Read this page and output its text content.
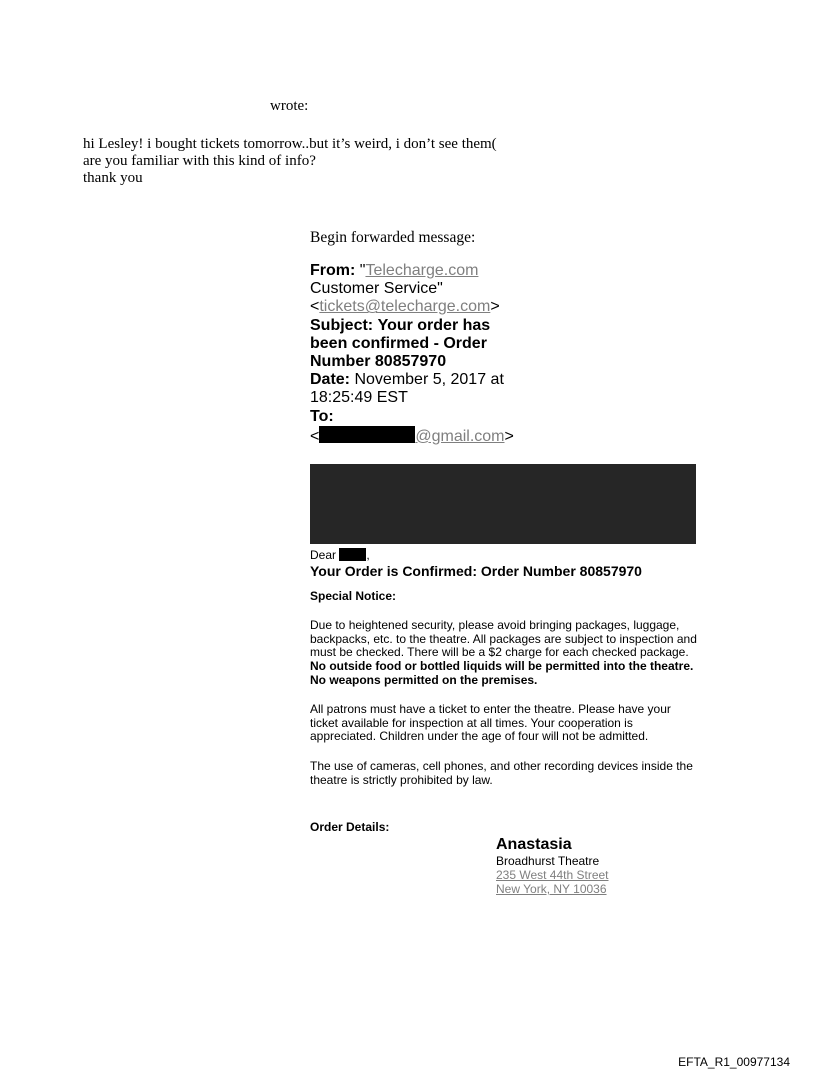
wrote:
hi Lesley! i bought tickets tomorrow..but it’s weird, i don’t see them(
are you familiar with this kind of info?
thank you
Begin forwarded message:
From: "Telecharge.com
Customer Service"
<tickets@telecharge.com>
Subject: Your order has been confirmed - Order Number 80857970
Date: November 5, 2017 at 18:25:49 EST
To:
<	@gmail.com>
Dear	,
Your Order is Confirmed: Order Number 80857970
Special Notice:
Due to heightened security, please avoid bringing packages, luggage, backpacks, etc. to the theatre. All packages are subject to inspection and must be checked. There will be a $2 charge for each checked package. No outside food or bottled liquids will be permitted into the theatre. No weapons permitted on the premises.
All patrons must have a ticket to enter the theatre. Please have your ticket available for inspection at all times. Your cooperation is appreciated. Children under the age of four will not be admitted.
The use of cameras, cell phones, and other recording devices inside the theatre is strictly prohibited by law.
Order Details:
Anastasia
Broadhurst Theatre
235 West 44th Street
New York, NY 10036
EFTA_R1_00977134
